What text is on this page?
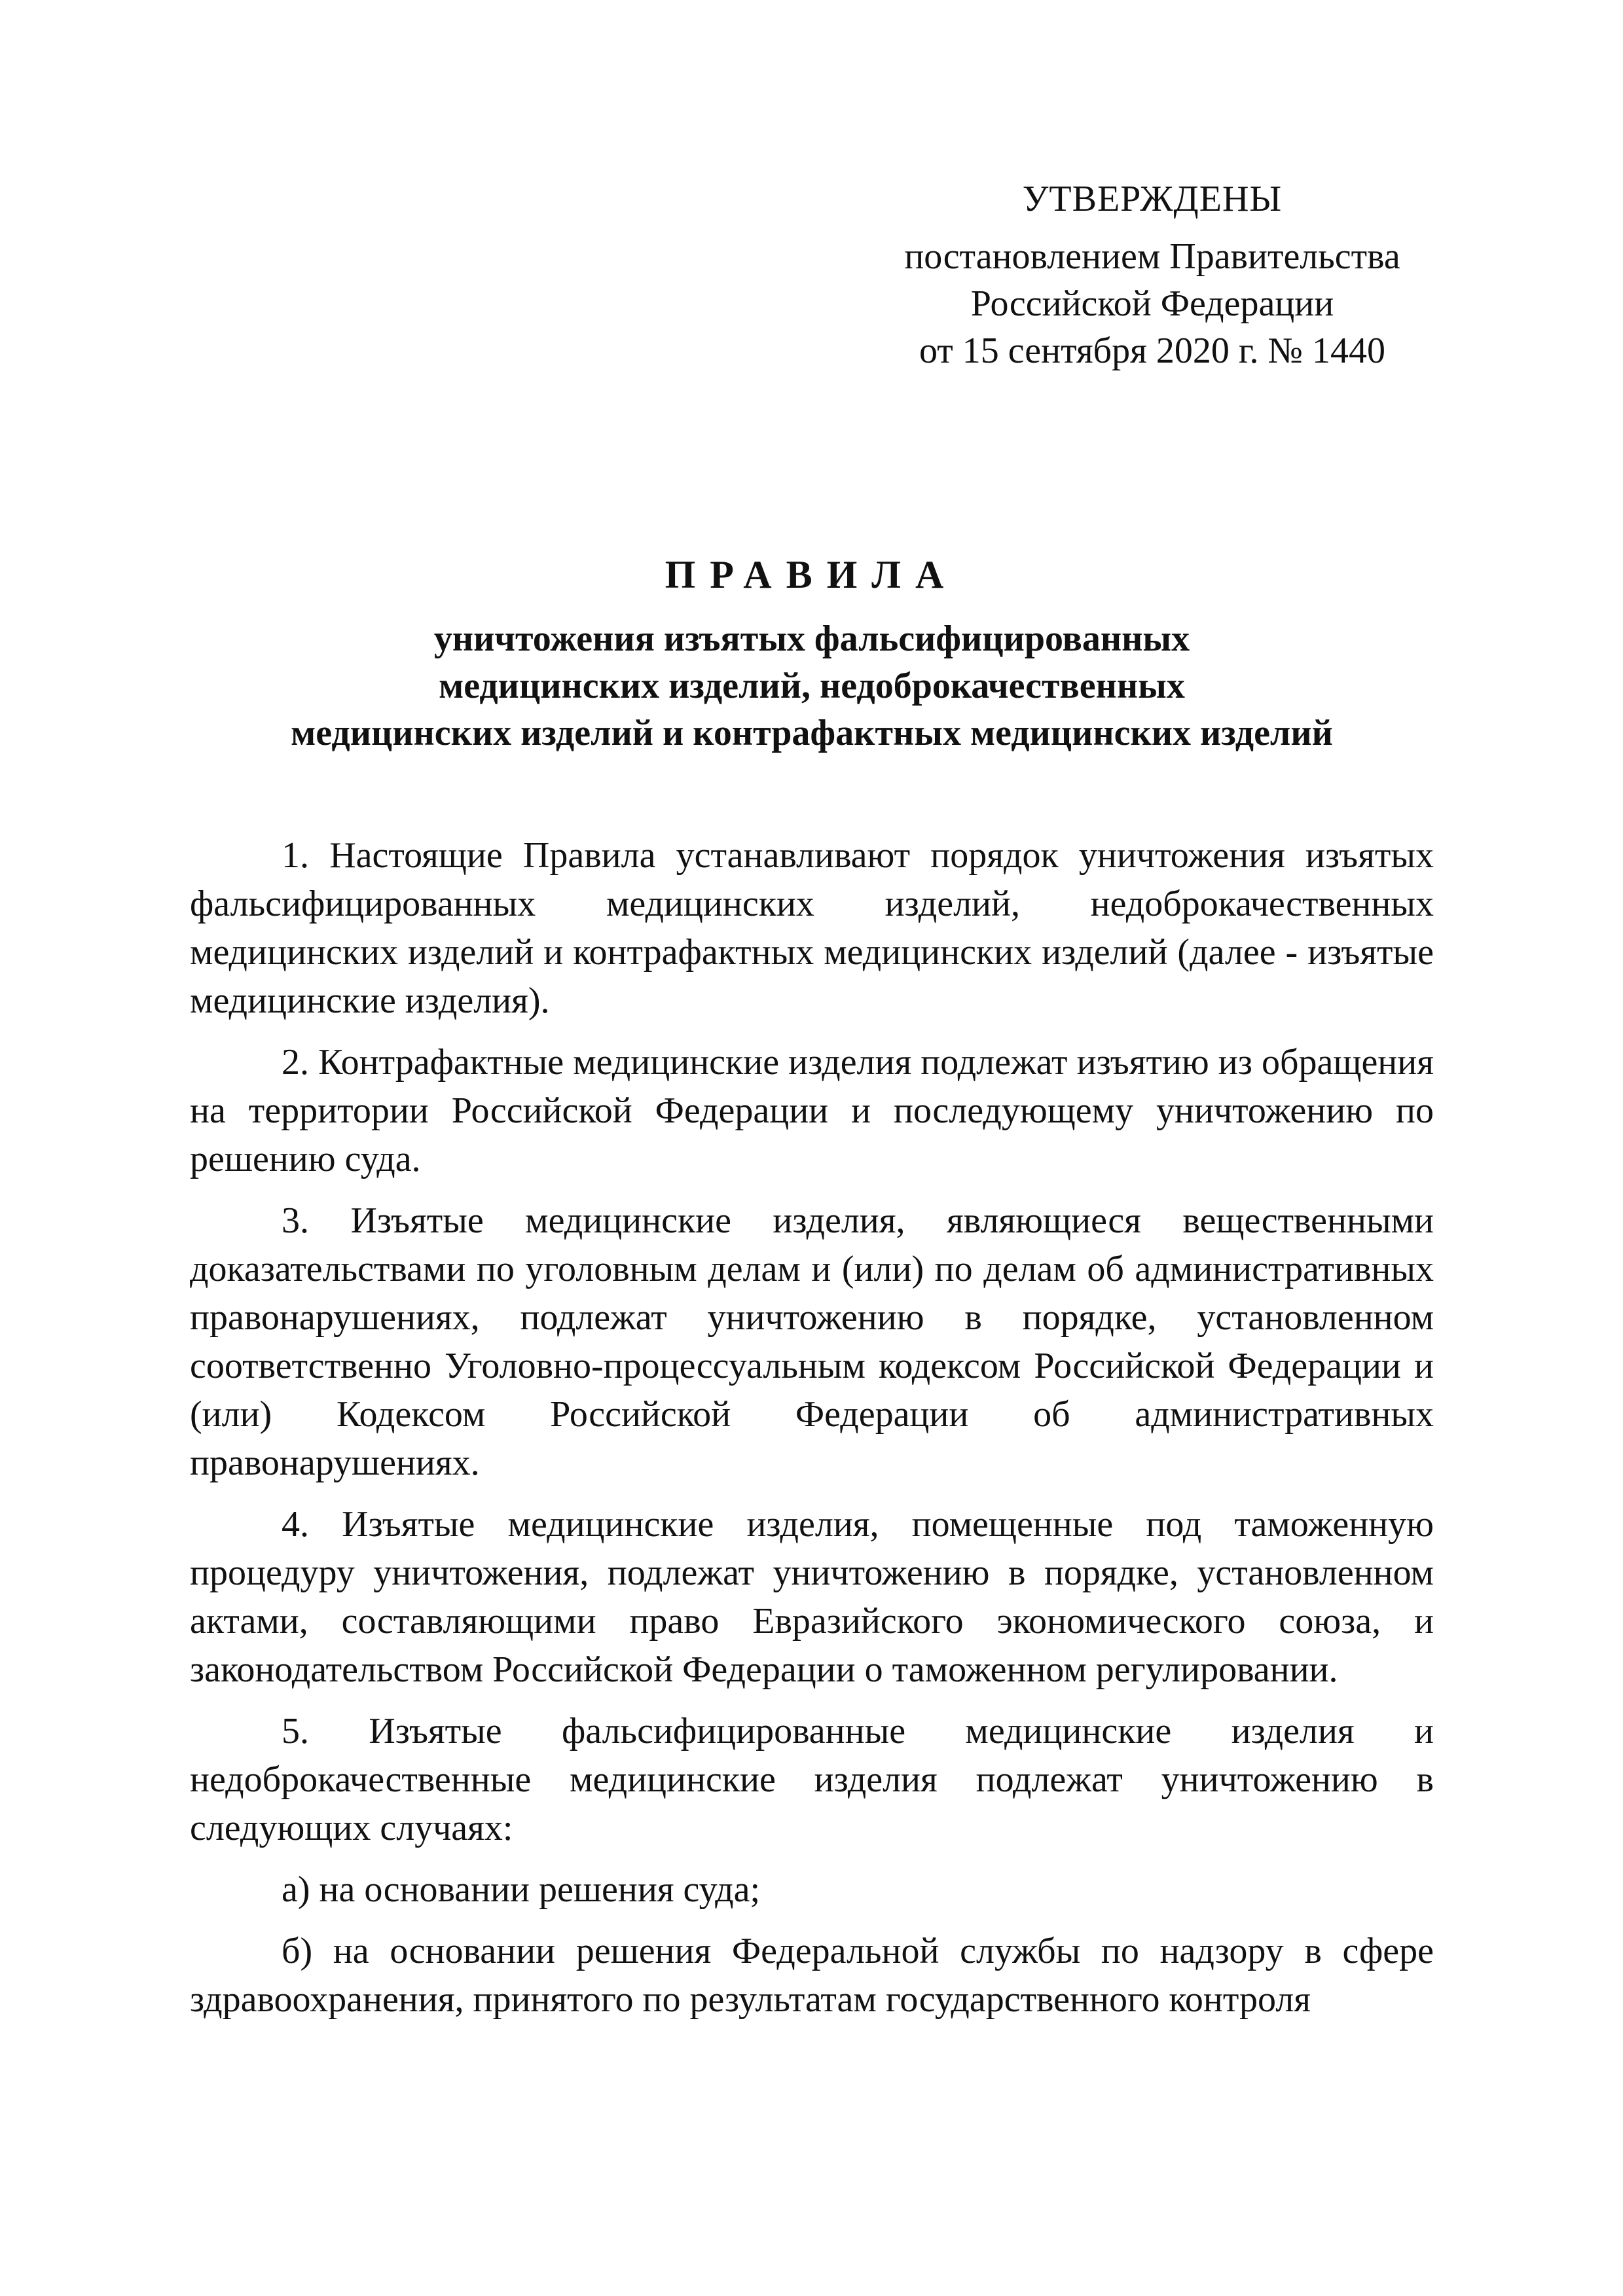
УТВЕРЖДЕНЫ
постановлением Правительства
Российской Федерации
от 15 сентября 2020 г. № 1440
ПРАВИЛА
уничтожения изъятых фальсифицированных
медицинских изделий, недоброкачественных
медицинских изделий и контрафактных медицинских изделий

1. Настоящие Правила устанавливают порядок уничтожения изъятых фальсифицированных медицинских изделий, недоброкачественных медицинских изделий и контрафактных медицинских изделий (далее - изъятые медицинские изделия).

2. Контрафактные медицинские изделия подлежат изъятию из обращения на территории Российской Федерации и последующему уничтожению по решению суда.

3. Изъятые медицинские изделия, являющиеся вещественными доказательствами по уголовным делам и (или) по делам об административных правонарушениях, подлежат уничтожению в порядке, установленном соответственно Уголовно-процессуальным кодексом Российской Федерации и (или) Кодексом Российской Федерации об административных правонарушениях.

4. Изъятые медицинские изделия, помещенные под таможенную процедуру уничтожения, подлежат уничтожению в порядке, установленном актами, составляющими право Евразийского экономического союза, и законодательством Российской Федерации о таможенном регулировании.

5. Изъятые фальсифицированные медицинские изделия и недоброкачественные медицинские изделия подлежат уничтожению в следующих случаях:

а) на основании решения суда;

б) на основании решения Федеральной службы по надзору в сфере здравоохранения, принятого по результатам государственного контроля
